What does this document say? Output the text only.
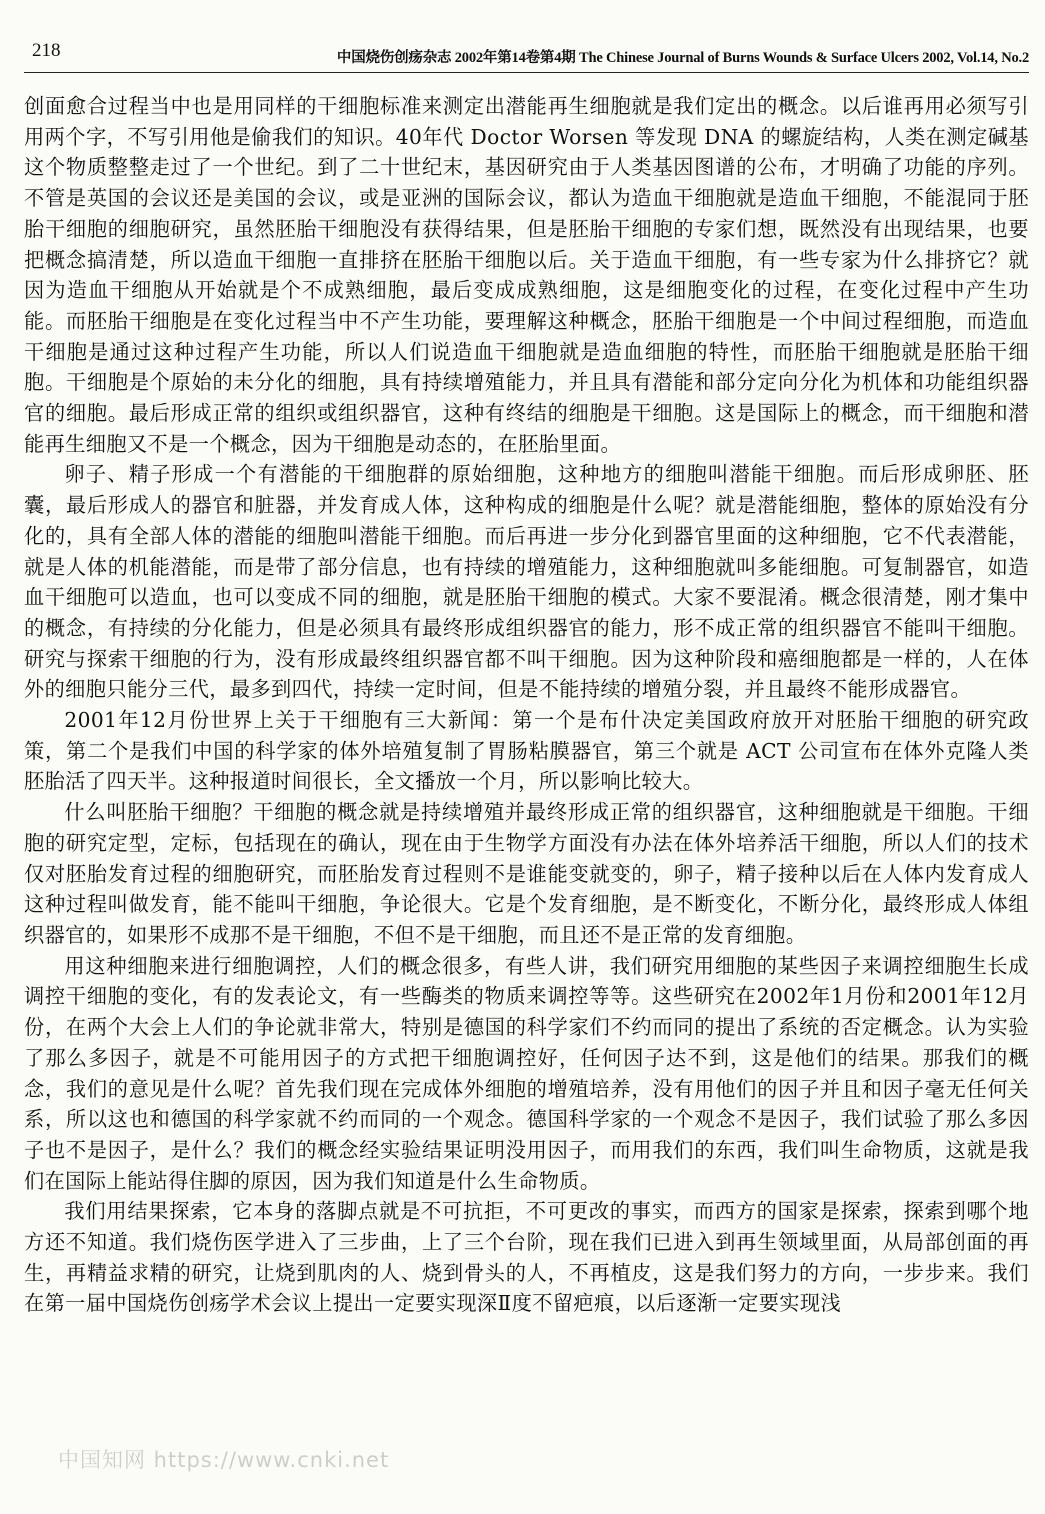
218	中国烧伤创疡杂志 2002年第14卷第4期 The Chinese Journal of Burns Wounds & Surface Ulcers 2002, Vol.14, No.2

创面愈合过程当中也是用同样的干细胞标准来测定出潜能再生细胞就是我们定出的概念。以后谁再用必须写引用两个字，不写引用他是偷我们的知识。40年代 Doctor Worsen 等发现 DNA 的螺旋结构，人类在测定碱基这个物质整整走过了一个世纪。到了二十世纪末，基因研究由于人类基因图谱的公布，才明确了功能的序列。不管是英国的会议还是美国的会议，或是亚洲的国际会议，都认为造血干细胞就是造血干细胞，不能混同于胚胎干细胞的细胞研究，虽然胚胎干细胞没有获得结果，但是胚胎干细胞的专家们想，既然没有出现结果，也要把概念搞清楚，所以造血干细胞一直排挤在胚胎干细胞以后。关于造血干细胞，有一些专家为什么排挤它？就因为造血干细胞从开始就是个不成熟细胞，最后变成成熟细胞，这是细胞变化的过程，在变化过程中产生功能。而胚胎干细胞是在变化过程当中不产生功能，要理解这种概念，胚胎干细胞是一个中间过程细胞，而造血干细胞是通过这种过程产生功能，所以人们说造血干细胞就是造血细胞的特性，而胚胎干细胞就是胚胎干细胞。干细胞是个原始的未分化的细胞，具有持续增殖能力，并且具有潜能和部分定向分化为机体和功能组织器官的细胞。最后形成正常的组织或组织器官，这种有终结的细胞是干细胞。这是国际上的概念，而干细胞和潜能再生细胞又不是一个概念，因为干细胞是动态的，在胚胎里面。

卵子、精子形成一个有潜能的干细胞群的原始细胞，这种地方的细胞叫潜能干细胞。而后形成卵胚、胚囊，最后形成人的器官和脏器，并发育成人体，这种构成的细胞是什么呢？就是潜能细胞，整体的原始没有分化的，具有全部人体的潜能的细胞叫潜能干细胞。而后再进一步分化到器官里面的这种细胞，它不代表潜能，就是人体的机能潜能，而是带了部分信息，也有持续的增殖能力，这种细胞就叫多能细胞。可复制器官，如造血干细胞可以造血，也可以变成不同的细胞，就是胚胎干细胞的模式。大家不要混淆。概念很清楚，刚才集中的概念，有持续的分化能力，但是必须具有最终形成组织器官的能力，形不成正常的组织器官不能叫干细胞。研究与探索干细胞的行为，没有形成最终组织器官都不叫干细胞。因为这种阶段和癌细胞都是一样的，人在体外的细胞只能分三代，最多到四代，持续一定时间，但是不能持续的增殖分裂，并且最终不能形成器官。

2001年12月份世界上关于干细胞有三大新闻：第一个是布什决定美国政府放开对胚胎干细胞的研究政策，第二个是我们中国的科学家的体外培殖复制了胃肠粘膜器官，第三个就是 ACT 公司宣布在体外克隆人类胚胎活了四天半。这种报道时间很长，全文播放一个月，所以影响比较大。

什么叫胚胎干细胞？干细胞的概念就是持续增殖并最终形成正常的组织器官，这种细胞就是干细胞。干细胞的研究定型，定标，包括现在的确认，现在由于生物学方面没有办法在体外培养活干细胞，所以人们的技术仅对胚胎发育过程的细胞研究，而胚胎发育过程则不是谁能变就变的，卵子，精子接种以后在人体内发育成人这种过程叫做发育，能不能叫干细胞，争论很大。它是个发育细胞，是不断变化，不断分化，最终形成人体组织器官的，如果形不成那不是干细胞，不但不是干细胞，而且还不是正常的发育细胞。

用这种细胞来进行细胞调控，人们的概念很多，有些人讲，我们研究用细胞的某些因子来调控细胞生长成调控干细胞的变化，有的发表论文，有一些酶类的物质来调控等等。这些研究在2002年1月份和2001年12月份，在两个大会上人们的争论就非常大，特别是德国的科学家们不约而同的提出了系统的否定概念。认为实验了那么多因子，就是不可能用因子的方式把干细胞调控好，任何因子达不到，这是他们的结果。那我们的概念，我们的意见是什么呢？首先我们现在完成体外细胞的增殖培养，没有用他们的因子并且和因子毫无任何关系，所以这也和德国的科学家就不约而同的一个观念。德国科学家的一个观念不是因子，我们试验了那么多因子也不是因子，是什么？我们的概念经实验结果证明没用因子，而用我们的东西，我们叫生命物质，这就是我们在国际上能站得住脚的原因，因为我们知道是什么生命物质。

我们用结果探索，它本身的落脚点就是不可抗拒，不可更改的事实，而西方的国家是探索，探索到哪个地方还不知道。我们烧伤医学进入了三步曲，上了三个台阶，现在我们已进入到再生领域里面，从局部创面的再生，再精益求精的研究，让烧到肌肉的人、烧到骨头的人，不再植皮，这是我们努力的方向，一步步来。我们在第一届中国烧伤创疡学术会议上提出一定要实现深Ⅱ度不留疤痕，以后逐渐一定要实现浅

中国知网 https://www.cnki.net
